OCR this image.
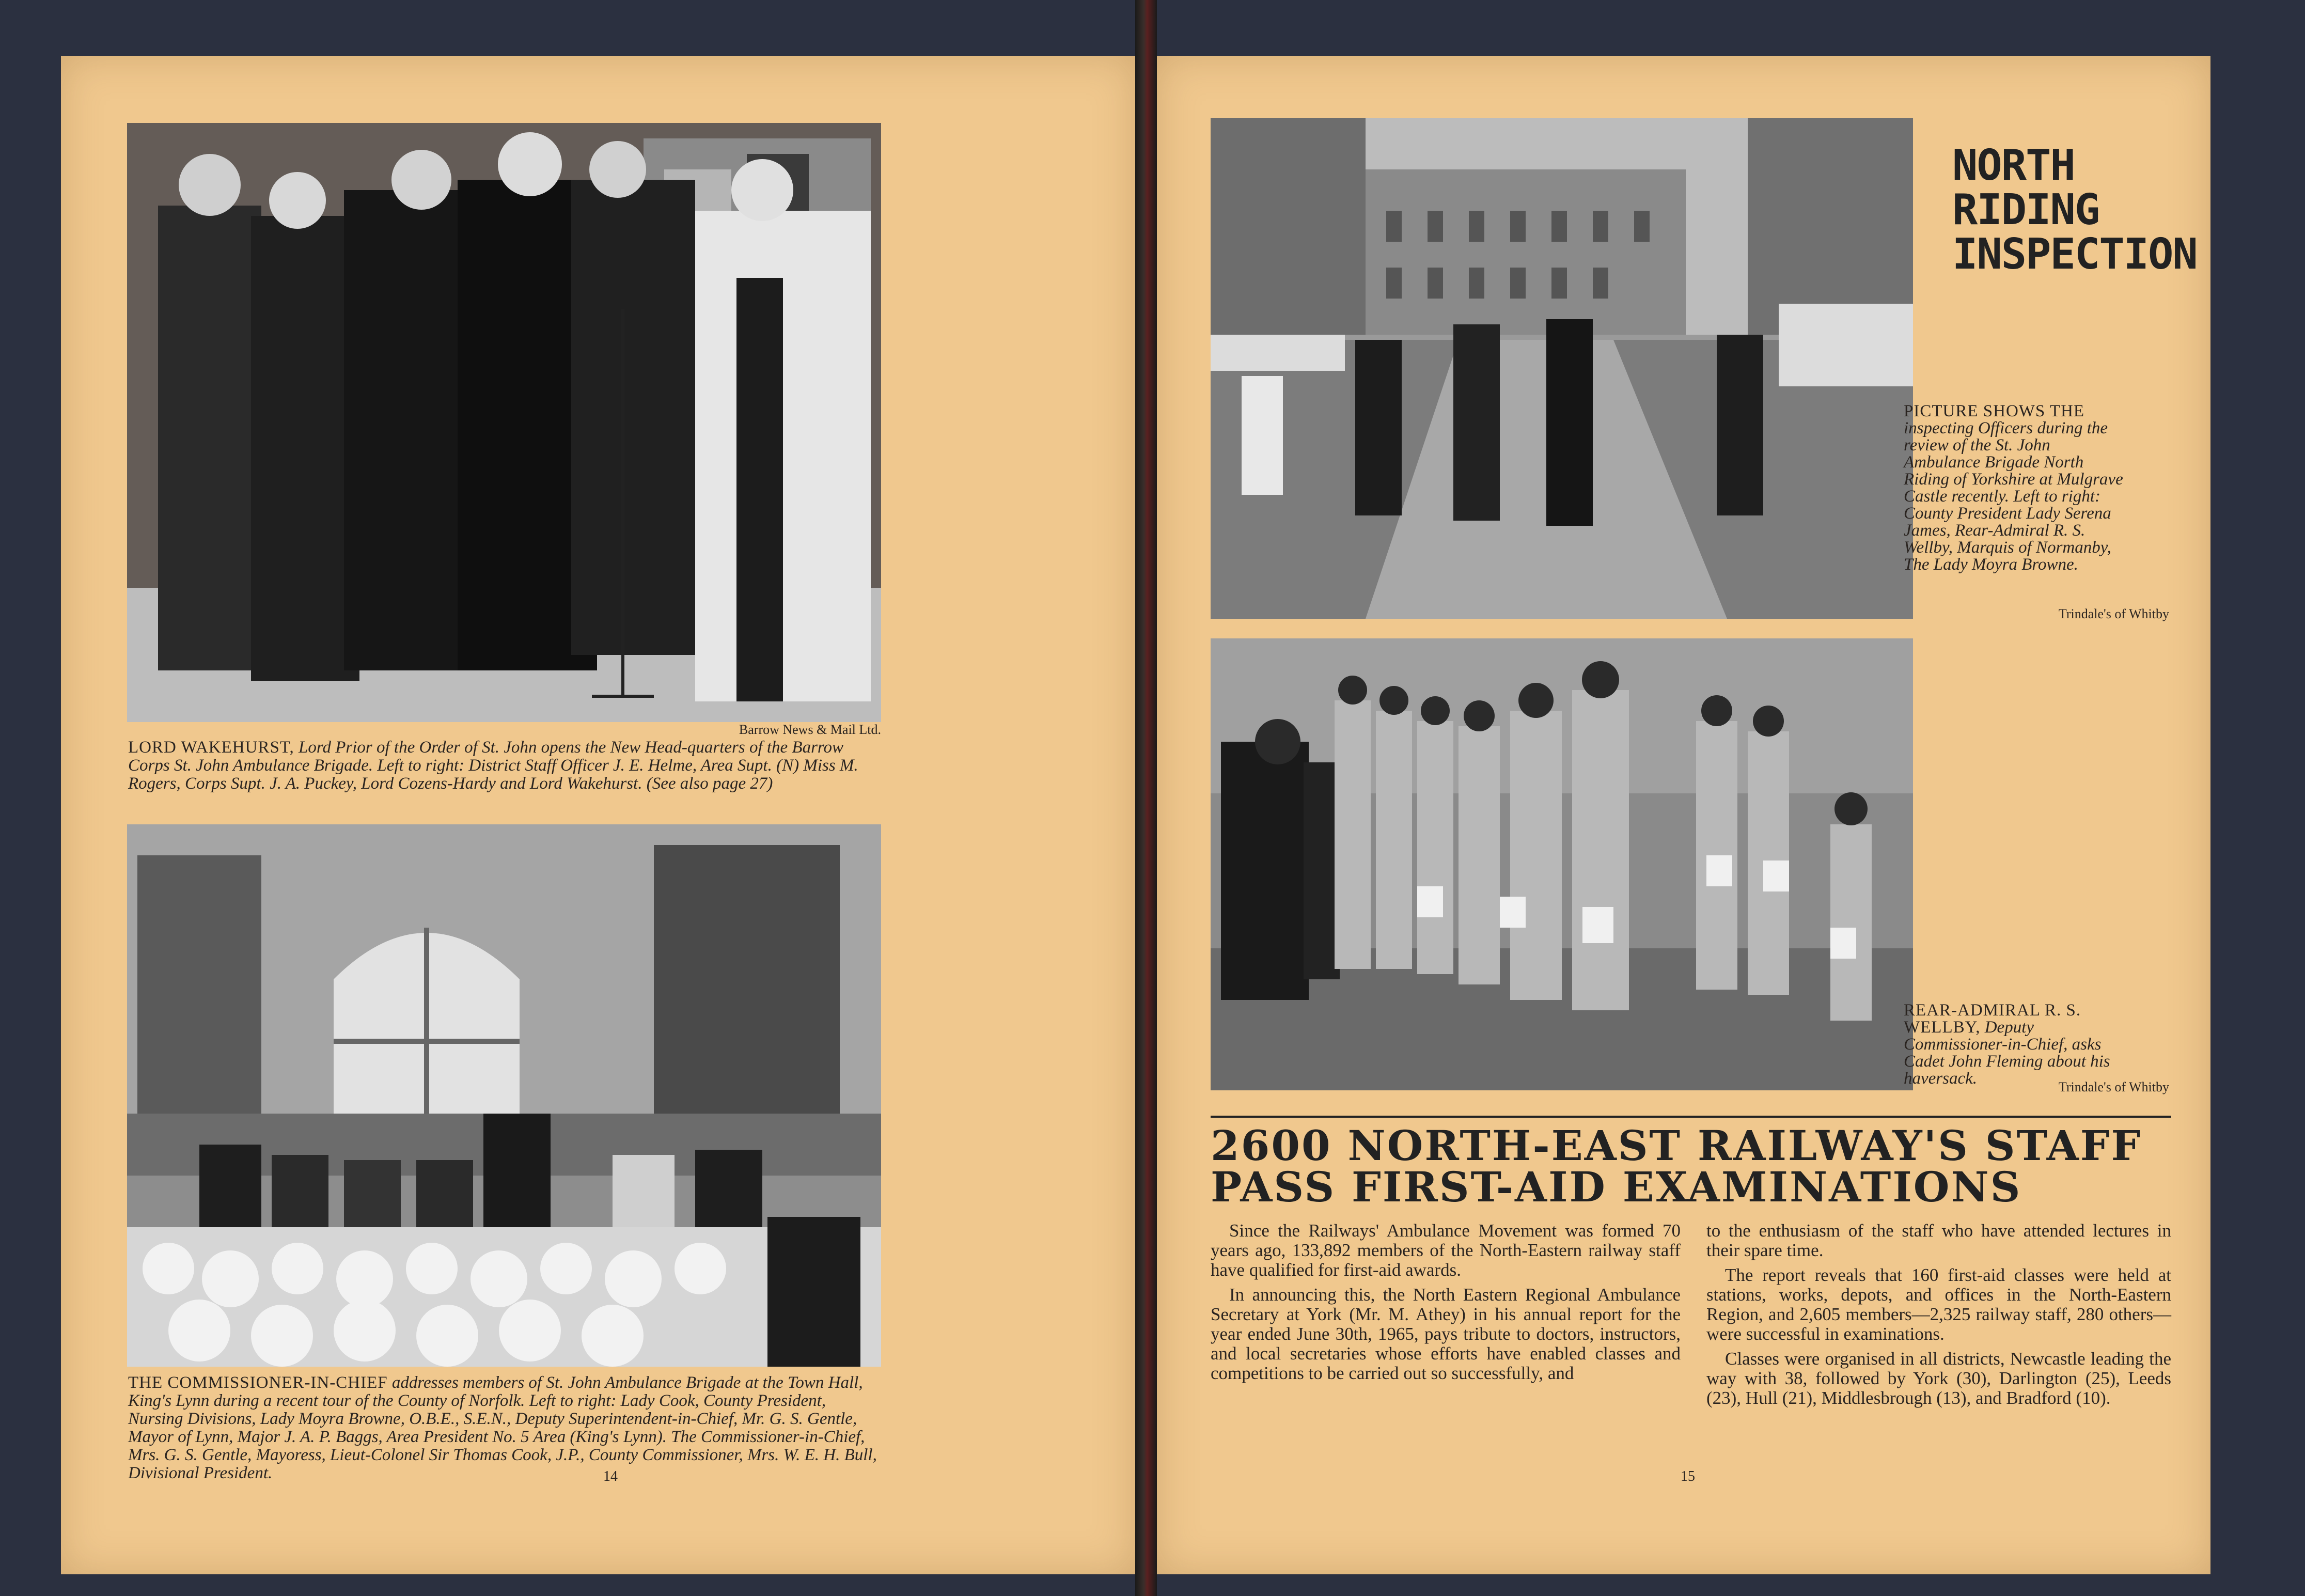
Barrow News & Mail Ltd.
LORD WAKEHURST, Lord Prior of the Order of St. John opens the New Head-quarters of the Barrow Corps St. John Ambulance Brigade. Left to right: District Staff Officer J. E. Helme, Area Supt. (N) Miss M. Rogers, Corps Supt. J. A. Puckey, Lord Cozens-Hardy and Lord Wakehurst. (See also page 27)
THE COMMISSIONER-IN-CHIEF addresses members of St. John Ambulance Brigade at the Town Hall, King's Lynn during a recent tour of the County of Norfolk. Left to right: Lady Cook, County President, Nursing Divisions, Lady Moyra Browne, O.B.E., S.E.N., Deputy Superintendent-in-Chief, Mr. G. S. Gentle, Mayor of Lynn, Major J. A. P. Baggs, Area President No. 5 Area (King's Lynn). The Commissioner-in-Chief, Mrs. G. S. Gentle, Mayoress, Lieut-Colonel Sir Thomas Cook, J.P., County Commissioner, Mrs. W. E. H. Bull, Divisional President.	14
NORTH
RIDING
INSPECTION
PICTURE SHOWS THE inspecting Officers during the review of the St. John Ambulance Brigade North Riding of Yorkshire at Mulgrave Castle recently. Left to right: County President Lady Serena James, Rear-Admiral R. S. Wellby, Marquis of Normanby, The Lady Moyra Browne.
Trindale's of Whitby
REAR-ADMIRAL R. S. WELLBY, Deputy Commissioner-in-Chief, asks Cadet John Fleming about his haversack.	Trindale's of Whitby
2600 NORTH-EAST RAILWAY'S STAFF
PASS FIRST-AID EXAMINATIONS

Since the Railways' Ambulance Movement was formed 70 years ago, 133,892 members of the North-Eastern railway staff have qualified for first-aid awards.

In announcing this, the North Eastern Regional Ambulance Secretary at York (Mr. M. Athey) in his annual report for the year ended June 30th, 1965, pays tribute to doctors, instructors, and local secretaries whose efforts have enabled classes and competitions to be carried out so successfully, and

to the enthusiasm of the staff who have attended lectures in their spare time.

The report reveals that 160 first-aid classes were held at stations, works, depots, and offices in the North-Eastern Region, and 2,605 members—2,325 railway staff, 280 others—were successful in examinations.

Classes were organised in all districts, Newcastle leading the way with 38, followed by York (30), Darlington (25), Leeds (23), Hull (21), Middlesbrough (13), and Bradford (10).

15
